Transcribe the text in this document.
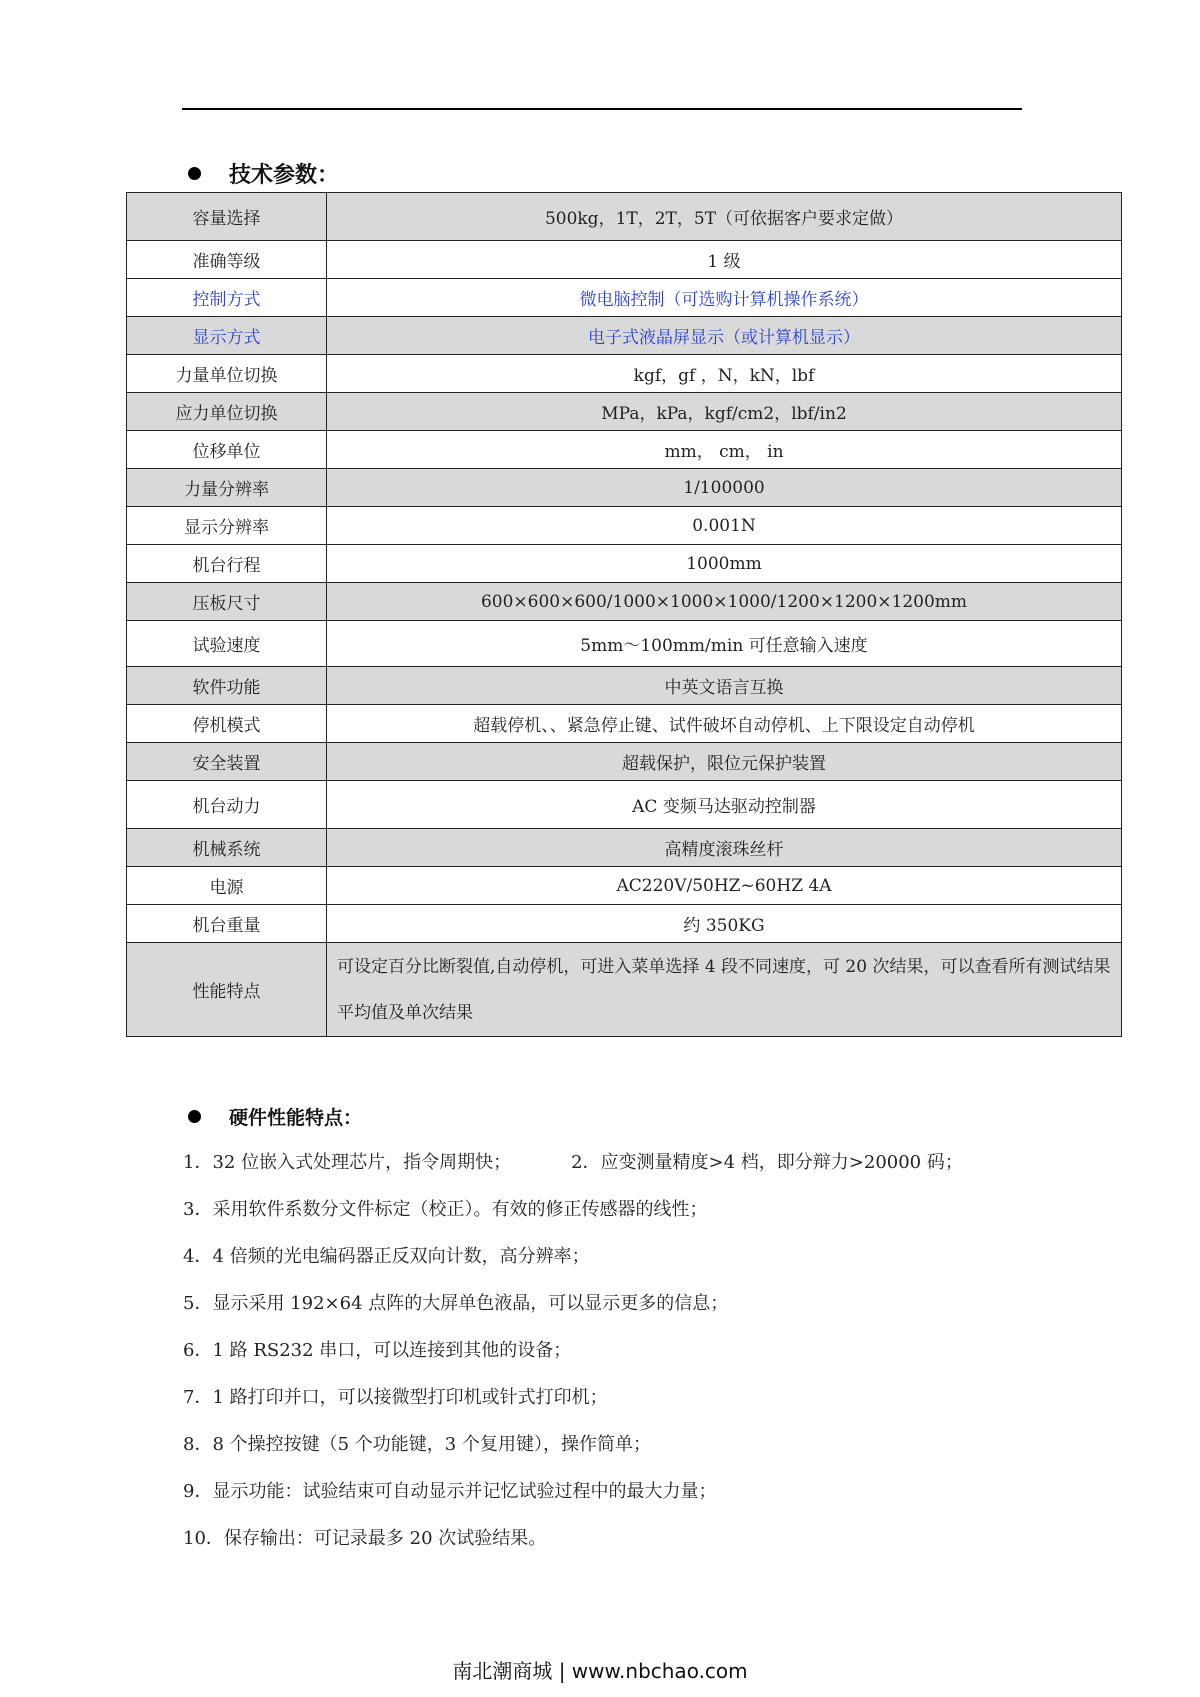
技术参数：
容量选择	500kg，1T，2T，5T（可依据客户要求定做）
准确等级	1 级
控制方式	微电脑控制（可选购计算机操作系统）
显示方式	电子式液晶屏显示（或计算机显示）
力量单位切换	kgf，gf ，N，kN，lbf
应力单位切换	MPa，kPa，kgf/cm2，lbf/in2
位移单位	mm， cm， in
力量分辨率	1/100000
显示分辨率	0.001N
机台行程	1000mm
压板尺寸	600×600×600/1000×1000×1000/1200×1200×1200mm
试验速度	5mm～100mm/min 可任意输入速度
软件功能	中英文语言互换
停机模式	超载停机、、紧急停止键、试件破坏自动停机、上下限设定自动停机
安全装置	超载保护，限位元保护装置
机台动力	AC 变频马达驱动控制器
机械系统	高精度滚珠丝杆
电源	AC220V/50HZ~60HZ 4A
机台重量	约 350KG
性能特点	可设定百分比断裂值,自动停机，可进入菜单选择 4 段不同速度，可 20 次结果，可以查看所有测试结果平均值及单次结果
硬件性能特点：
1．32 位嵌入式处理芯片，指令周期快；	2．应变测量精度>4 档，即分辩力>20000 码；
3．采用软件系数分文件标定（校正）。有效的修正传感器的线性；
4．4 倍频的光电编码器正反双向计数，高分辨率；
5．显示采用 192×64 点阵的大屏单色液晶，可以显示更多的信息；
6．1 路 RS232 串口，可以连接到其他的设备；
7．1 路打印并口，可以接微型打印机或针式打印机；
8．8 个操控按键（5 个功能键，3 个复用键），操作简单；
9．显示功能：试验结束可自动显示并记忆试验过程中的最大力量；
10．保存输出：可记录最多 20 次试验结果。
南北潮商城 | www.nbchao.com
